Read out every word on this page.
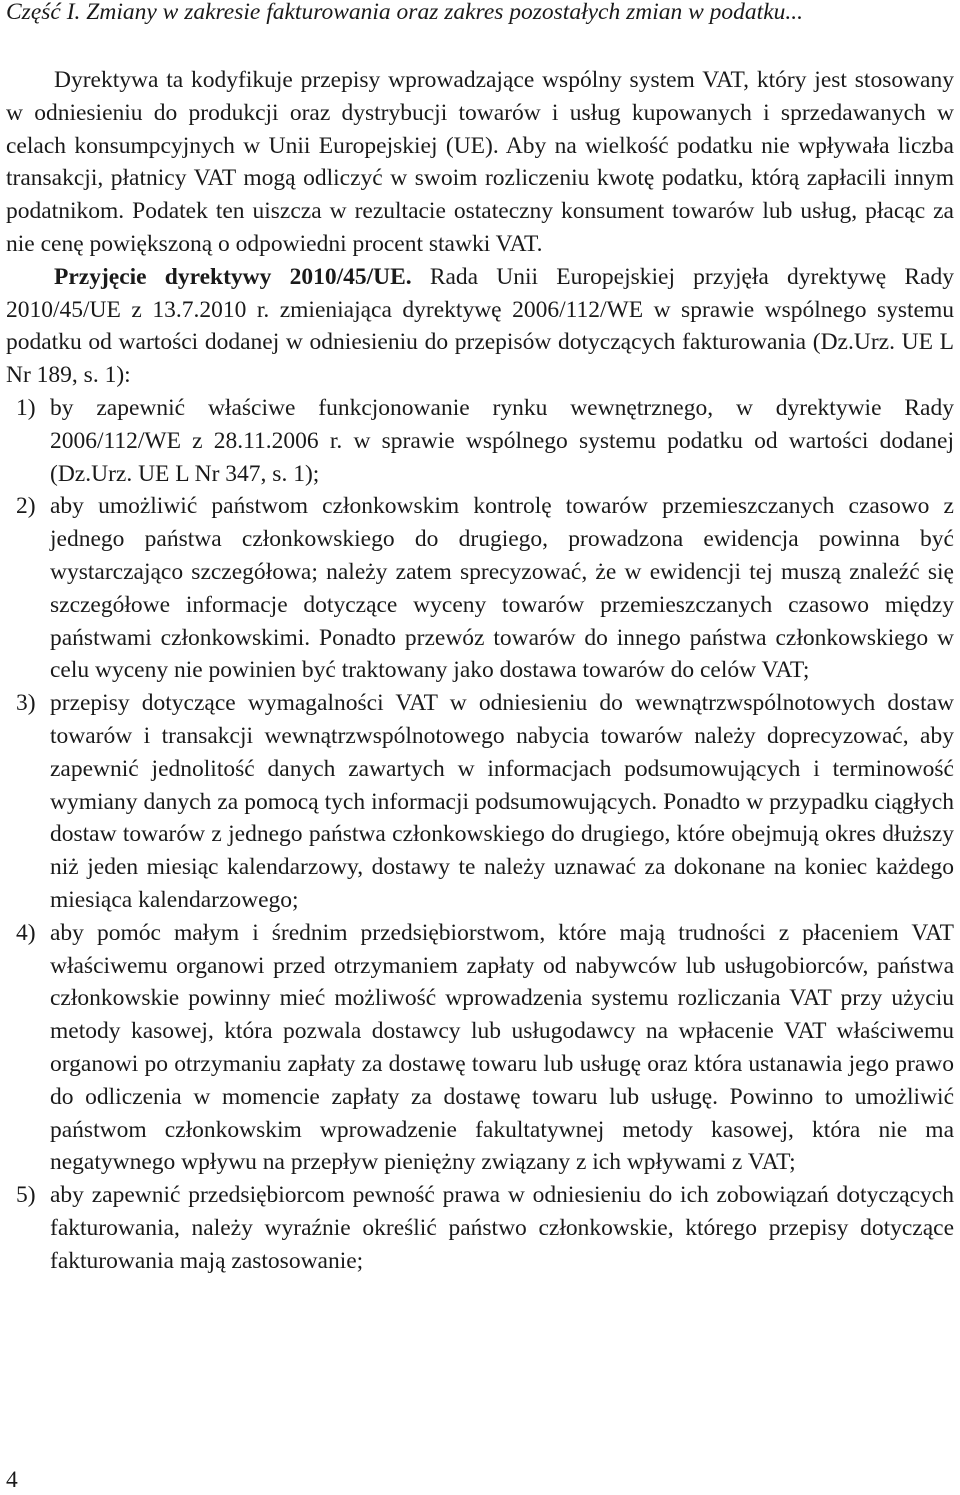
Część I. Zmiany w zakresie fakturowania oraz zakres pozostałych zmian w podatku...

Dyrektywa ta kodyfikuje przepisy wprowadzające wspólny system VAT, który jest stosowany w odniesieniu do produkcji oraz dystrybucji towarów i usług kupowanych i sprzedawanych w celach konsumpcyjnych w Unii Europejskiej (UE). Aby na wielkość podatku nie wpływała liczba transakcji, płatnicy VAT mogą odliczyć w swoim rozliczeniu kwotę podatku, którą zapłacili innym podatnikom. Podatek ten uiszcza w rezultacie ostateczny konsument towarów lub usług, płacąc za nie cenę powiększoną o odpowiedni procent stawki VAT.

Przyjęcie dyrektywy 2010/45/UE. Rada Unii Europejskiej przyjęła dyrektywę Rady 2010/45/UE z 13.7.2010 r. zmieniająca dyrektywę 2006/112/WE w sprawie wspólnego systemu podatku od wartości dodanej w odniesieniu do przepisów dotyczących fakturowania (Dz.Urz. UE L Nr 189, s. 1):

1) by zapewnić właściwe funkcjonowanie rynku wewnętrznego, w dyrektywie Rady 2006/112/WE z 28.11.2006 r. w sprawie wspólnego systemu podatku od wartości dodanej (Dz.Urz. UE L Nr 347, s. 1);
2) aby umożliwić państwom członkowskim kontrolę towarów przemieszczanych czasowo z jednego państwa członkowskiego do drugiego, prowadzona ewidencja powinna być wystarczająco szczegółowa; należy zatem sprecyzować, że w ewidencji tej muszą znaleźć się szczegółowe informacje dotyczące wyceny towarów przemieszczanych czasowo między państwami członkowskimi. Ponadto przewóz towarów do innego państwa członkowskiego w celu wyceny nie powinien być traktowany jako dostawa towarów do celów VAT;
3) przepisy dotyczące wymagalności VAT w odniesieniu do wewnątrzwspólnotowych dostaw towarów i transakcji wewnątrzwspólnotowego nabycia towarów należy doprecyzować, aby zapewnić jednolitość danych zawartych w informacjach podsumowujących i terminowość wymiany danych za pomocą tych informacji podsumowujących. Ponadto w przypadku ciągłych dostaw towarów z jednego państwa członkowskiego do drugiego, które obejmują okres dłuższy niż jeden miesiąc kalendarzowy, dostawy te należy uznawać za dokonane na koniec każdego miesiąca kalendarzowego;
4) aby pomóc małym i średnim przedsiębiorstwom, które mają trudności z płaceniem VAT właściwemu organowi przed otrzymaniem zapłaty od nabywców lub usługobiorców, państwa członkowskie powinny mieć możliwość wprowadzenia systemu rozliczania VAT przy użyciu metody kasowej, która pozwala dostawcy lub usługodawcy na wpłacenie VAT właściwemu organowi po otrzymaniu zapłaty za dostawę towaru lub usługę oraz która ustanawia jego prawo do odliczenia w momencie zapłaty za dostawę towaru lub usługę. Powinno to umożliwić państwom członkowskim wprowadzenie fakultatywnej metody kasowej, która nie ma negatywnego wpływu na przepływ pieniężny związany z ich wpływami z VAT;
5) aby zapewnić przedsiębiorcom pewność prawa w odniesieniu do ich zobowiązań dotyczących fakturowania, należy wyraźnie określić państwo członkowskie, którego przepisy dotyczące fakturowania mają zastosowanie;
4
